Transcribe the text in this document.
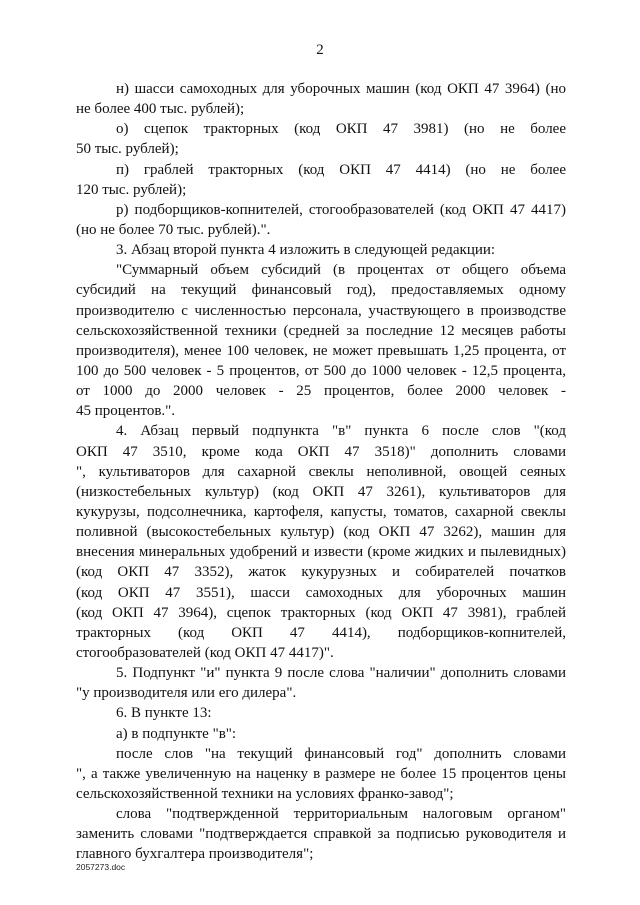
2
н) шасси самоходных для уборочных машин (код ОКП 47 3964) (но
не более 400 тыс. рублей);
о) сцепок тракторных (код ОКП 47 3981) (но не более
50 тыс. рублей);
п) граблей тракторных (код ОКП 47 4414) (но не более
120 тыс. рублей);
р) подборщиков-копнителей, стогообразователей (код ОКП 47 4417)
(но не более 70 тыс. рублей).".
3. Абзац второй пункта 4 изложить в следующей редакции:
"Суммарный объем субсидий (в процентах от общего объема
субсидий на текущий финансовый год), предоставляемых одному
производителю с численностью персонала, участвующего в производстве
сельскохозяйственной техники (средней за последние 12 месяцев работы
производителя), менее 100 человек, не может превышать 1,25 процента, от
100 до 500 человек - 5 процентов, от 500 до 1000 человек - 12,5 процента,
от 1000 до 2000 человек - 25 процентов, более 2000 человек -
45 процентов.".
4. Абзац первый подпункта "в" пункта 6 после слов "(код
ОКП 47 3510, кроме кода ОКП 47 3518)" дополнить словами
", культиваторов для сахарной свеклы неполивной, овощей сеяных
(низкостебельных культур) (код ОКП 47 3261), культиваторов для
кукурузы, подсолнечника, картофеля, капусты, томатов, сахарной свеклы
поливной (высокостебельных культур) (код ОКП 47 3262), машин для
внесения минеральных удобрений и извести (кроме жидких и пылевидных)
(код ОКП 47 3352), жаток кукурузных и собирателей початков
(код ОКП 47 3551), шасси самоходных для уборочных машин
(код ОКП 47 3964), сцепок тракторных (код ОКП 47 3981), граблей
тракторных (код ОКП 47 4414), подборщиков-копнителей,
стогообразователей (код ОКП 47 4417)".
5. Подпункт "и" пункта 9 после слова "наличии" дополнить словами
"у производителя или его дилера".
6. В пункте 13:
а) в подпункте "в":
после слов "на текущий финансовый год" дополнить словами
", а также увеличенную на наценку в размере не более 15 процентов цены
сельскохозяйственной техники на условиях франко-завод";
слова "подтвержденной территориальным налоговым органом"
заменить словами "подтверждается справкой за подписью руководителя и
главного бухгалтера производителя";
2057273.doc
